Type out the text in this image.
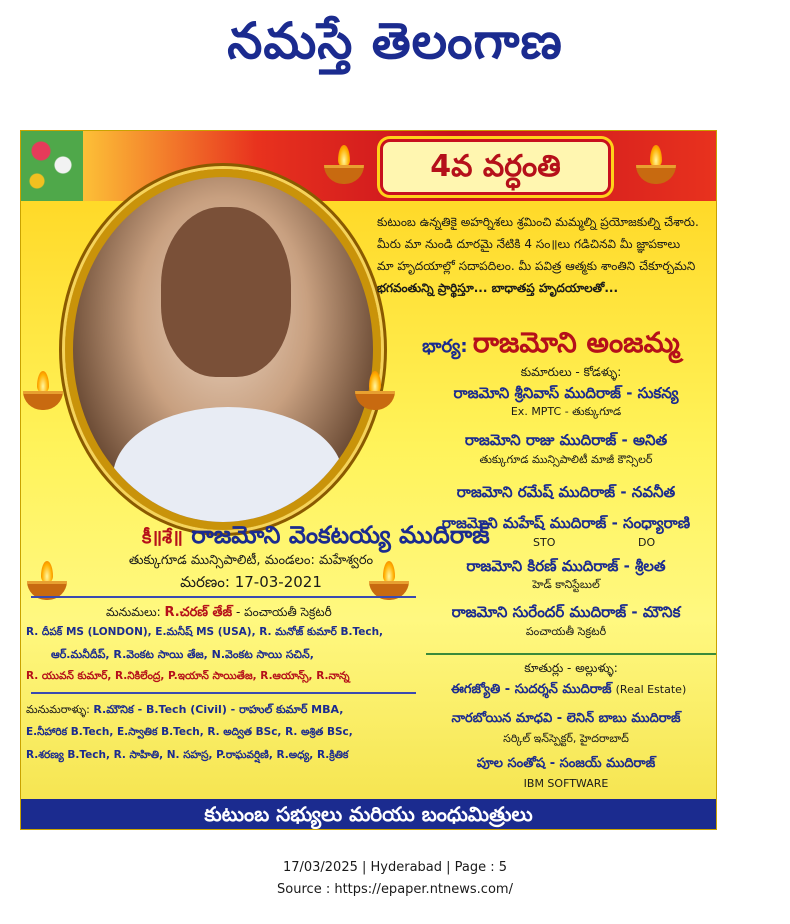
నమస్తే తెలంగాణ
4వ వర్ధంతి
కుటుంబ ఉన్నతికై అహర్నిశలు శ్రమించి మమ్మల్ని ప్రయోజకుల్ని చేశారు.
మీరు మా నుండి దూరమై నేటికి 4 సం॥లు గడిచినవి మీ జ్ఞాపకాలు
మా హృదయాల్లో సదాపదిలం. మీ పవిత్ర ఆత్మకు శాంతిని చేకూర్చమని
భగవంతున్ని ప్రార్థిస్తూ... బాధాతప్త హృదయాలతో...
భార్య: రాజమోని అంజమ్మ
కుమారులు - కోడళ్ళు:
రాజమోని శ్రీనివాస్ ముదిరాజ్ - సుకన్య
Ex. MPTC - తుక్కుగూడ
రాజమోని రాజు ముదిరాజ్ - అనిత
తుక్కుగూడ మున్సిపాలిటీ మాజీ కౌన్సిలర్
రాజమోని రమేష్ ముదిరాజ్ - నవనీత
రాజమోని మహేష్ ముదిరాజ్ - సంధ్యారాణి
STO	DO
రాజమోని కిరణ్ ముదిరాజ్ - శ్రీలత
హెడ్ కానిస్టేబుల్
రాజమోని సురేందర్ ముదిరాజ్ - మౌనిక
పంచాయతీ సెక్రటరీ
కూతుర్లు - అల్లుళ్ళు:
ఈగజ్యోతి - సుదర్శన్ ముదిరాజ్ (Real Estate)
నారబోయిన మాధవి - లెనిన్ బాబు ముదిరాజ్
సర్కిల్ ఇన్‌స్పెక్టర్, హైదరాబాద్
పూల సంతోష - సంజయ్ ముదిరాజ్
IBM SOFTWARE
కీ॥శే॥ రాజమోని వెంకటయ్య ముదిరాజ్
తుక్కుగూడ మున్సిపాలిటీ, మండలం: మహేశ్వరం
మరణం: 17-03-2021
మనుమలు: R.చరణ్ తేజ్ - పంచాయతీ సెక్రటరీ
R. దీపక్ MS (LONDON), E.మనీష్ MS (USA), R. మనోజ్ కుమార్ B.Tech,
ఆర్.మనీదీప్, R.వెంకట సాయి తేజ, N.వెంకట సాయి సచిన్,
R. యువన్ కుమార్, R.నికిలేంద్ర, P.ఇయాన్ సాయితేజ, R.ఆయాన్స్, R.నాన్న
మనుమరాళ్ళు: R.మౌనిక - B.Tech (Civil) - రాహుల్ కుమార్ MBA,
E.నీహారిక B.Tech, E.స్వాతిక B.Tech, R. అద్విత BSc, R. అశ్రిత BSc,
R.శరణ్య B.Tech, R. సాహితి, N. సహస్ర, P.రాఘవర్షిణి, R.అధ్య, R.క్రితిక
కుటుంబ సభ్యులు మరియు బంధుమిత్రులు
17/03/2025 | Hyderabad | Page : 5
Source : https://epaper.ntnews.com/
